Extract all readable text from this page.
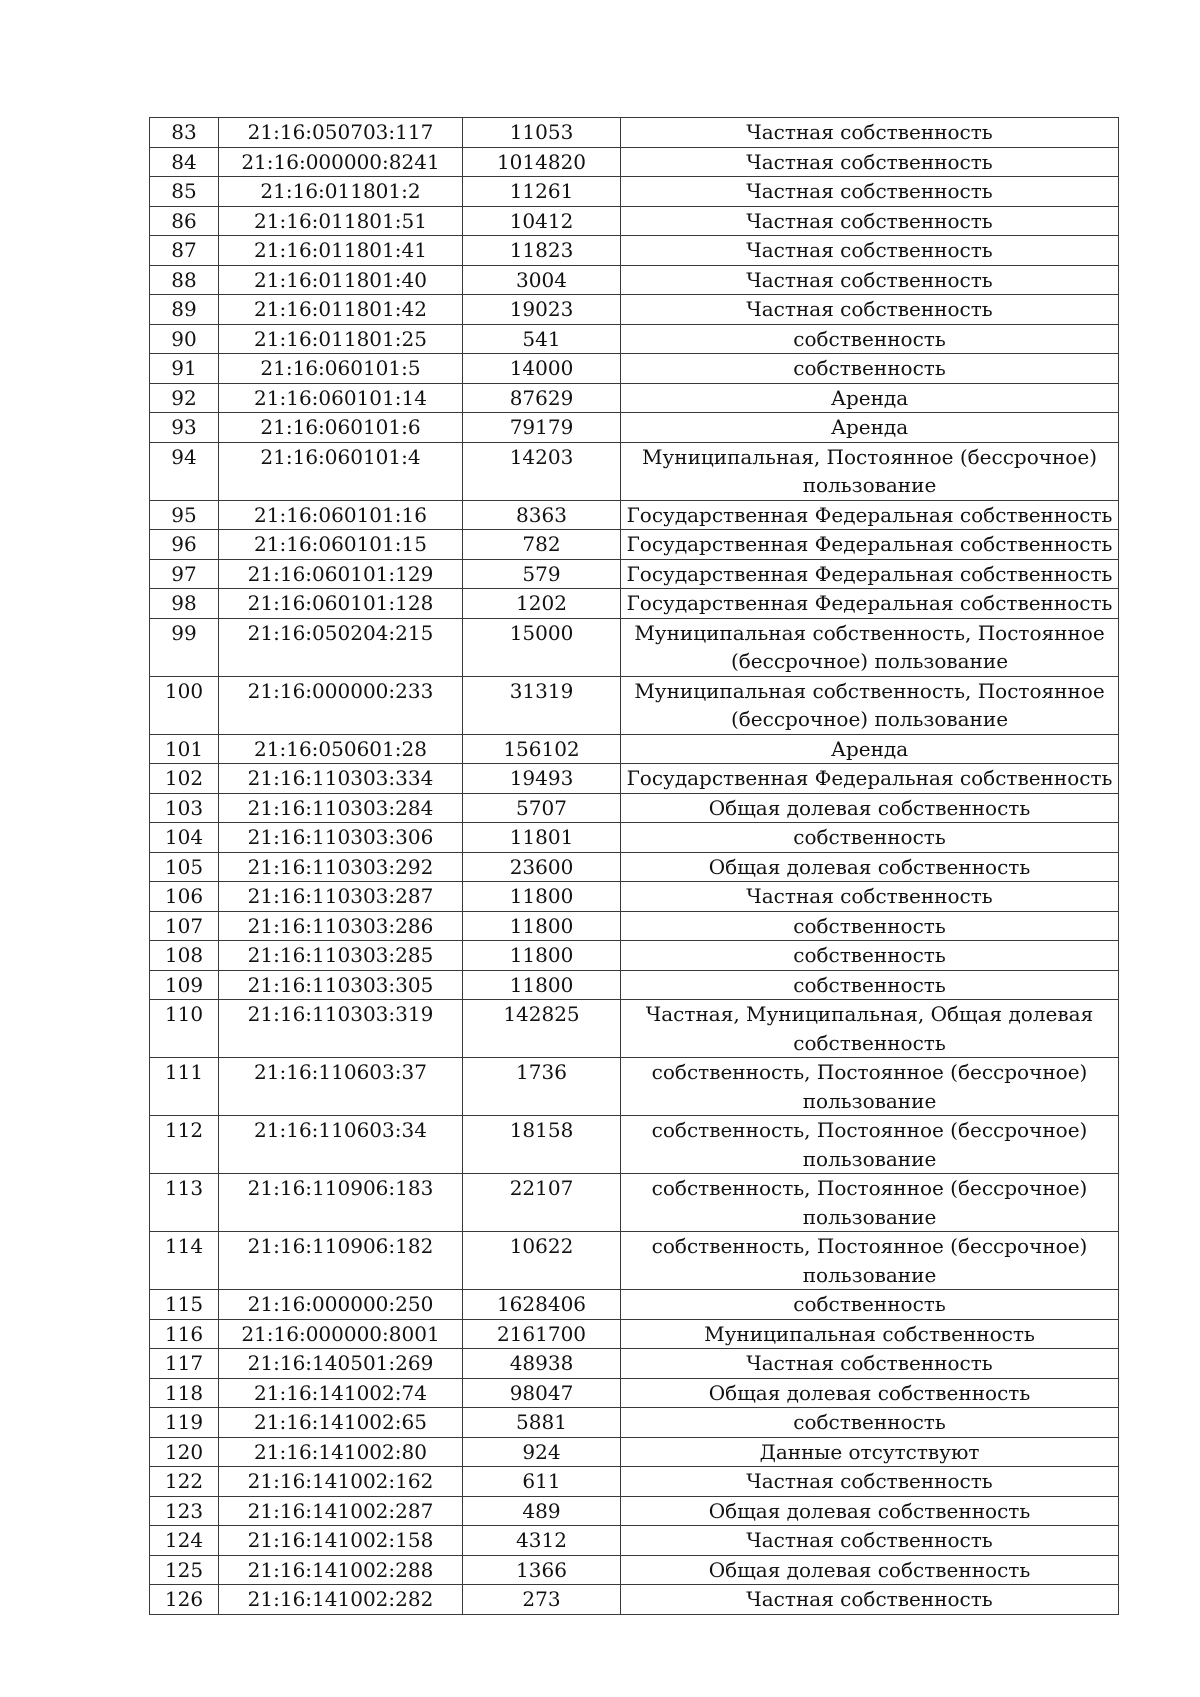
83	21:16:050703:117	11053	Частная собственность
84	21:16:000000:8241	1014820	Частная собственность
85	21:16:011801:2	11261	Частная собственность
86	21:16:011801:51	10412	Частная собственность
87	21:16:011801:41	11823	Частная собственность
88	21:16:011801:40	3004	Частная собственность
89	21:16:011801:42	19023	Частная собственность
90	21:16:011801:25	541	собственность
91	21:16:060101:5	14000	собственность
92	21:16:060101:14	87629	Аренда
93	21:16:060101:6	79179	Аренда
94	21:16:060101:4	14203	Муниципальная, Постоянное (бессрочное) пользование
95	21:16:060101:16	8363	Государственная Федеральная собственность
96	21:16:060101:15	782	Государственная Федеральная собственность
97	21:16:060101:129	579	Государственная Федеральная собственность
98	21:16:060101:128	1202	Государственная Федеральная собственность
99	21:16:050204:215	15000	Муниципальная собственность, Постоянное (бессрочное) пользование
100	21:16:000000:233	31319	Муниципальная собственность, Постоянное (бессрочное) пользование
101	21:16:050601:28	156102	Аренда
102	21:16:110303:334	19493	Государственная Федеральная собственность
103	21:16:110303:284	5707	Общая долевая собственность
104	21:16:110303:306	11801	собственность
105	21:16:110303:292	23600	Общая долевая собственность
106	21:16:110303:287	11800	Частная собственность
107	21:16:110303:286	11800	собственность
108	21:16:110303:285	11800	собственность
109	21:16:110303:305	11800	собственность
110	21:16:110303:319	142825	Частная, Муниципальная, Общая долевая собственность
111	21:16:110603:37	1736	собственность, Постоянное (бессрочное) пользование
112	21:16:110603:34	18158	собственность, Постоянное (бессрочное) пользование
113	21:16:110906:183	22107	собственность, Постоянное (бессрочное) пользование
114	21:16:110906:182	10622	собственность, Постоянное (бессрочное) пользование
115	21:16:000000:250	1628406	собственность
116	21:16:000000:8001	2161700	Муниципальная собственность
117	21:16:140501:269	48938	Частная собственность
118	21:16:141002:74	98047	Общая долевая собственность
119	21:16:141002:65	5881	собственность
120	21:16:141002:80	924	Данные отсутствуют
122	21:16:141002:162	611	Частная собственность
123	21:16:141002:287	489	Общая долевая собственность
124	21:16:141002:158	4312	Частная собственность
125	21:16:141002:288	1366	Общая долевая собственность
126	21:16:141002:282	273	Частная собственность
